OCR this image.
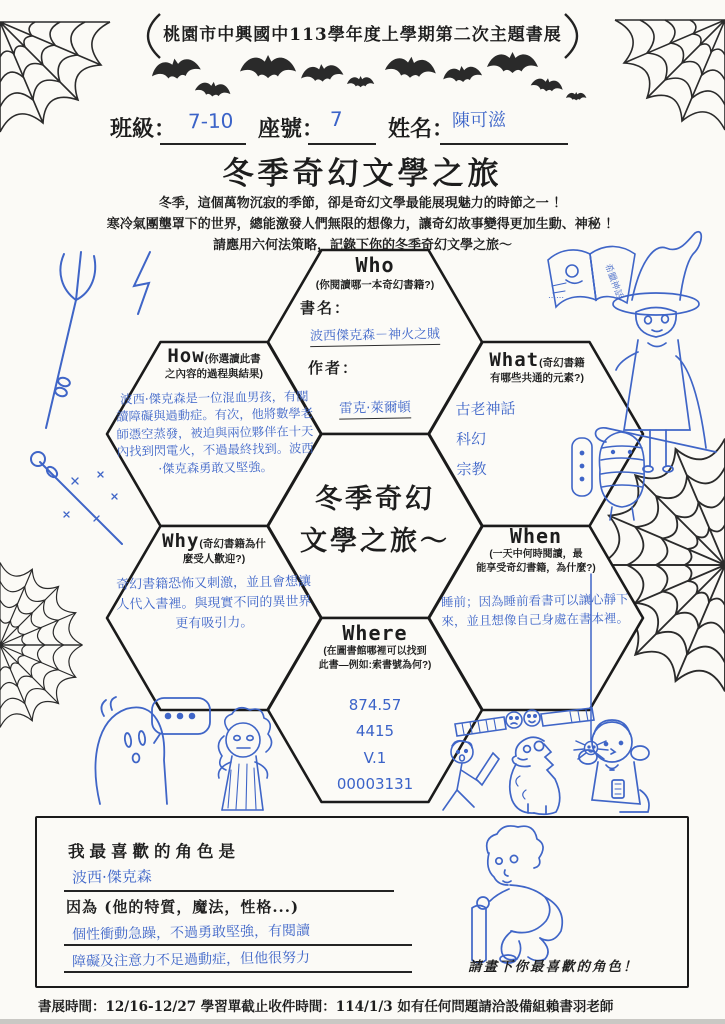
希臘神話
⋯⋯
桃園市中興國中113學年度上學期第二次主題書展
班級： 7-10 座號： 7 姓名：
陳可滋
冬季奇幻文學之旅
冬季，這個萬物沉寂的季節，卻是奇幻文學最能展現魅力的時節之一 ！
寒冷氣團壟罩下的世界，總能激發人們無限的想像力，讓奇幻故事變得更加生動、神秘 ！
請應用六何法策略，記錄下你的冬季奇幻文學之旅～
Who
(你閱讀哪一本奇幻書籍?)
書名：
波西傑克森－神火之賊
作者：
雷克·萊爾頓
How(你選讀此書
之內容的過程與結果)
波西·傑克森是一位混血男孩，有閱讀障礙與過動症。有次，他將數學老師憑空蒸發，被迫與兩位夥伴在十天內找到閃電火，不過最終找到。波西·傑克森勇敢又堅強。
What(奇幻書籍
有哪些共通的元素?)
古老神話
科幻
宗教
冬季奇幻
文學之旅～
Why(奇幻書籍為什
麼受人歡迎?)
奇幻書籍恐怖又刺激，並且會想讓人代入書裡。與現實不同的異世界更有吸引力。
When
(一天中何時閱讀，最
能享受奇幻書籍，為什麼?)
睡前；因為睡前看書可以讓心靜下來，並且想像自己身處在書本裡。
Where
(在圖書館哪裡可以找到
此書—例如:索書號為何?)
874.57
4415
V.1
00003131
我最喜歡的角色是
波西·傑克森
因為 (他的特質，魔法，性格...)
個性衝動急躁，不過勇敢堅強，有閱讀
障礙及注意力不足過動症，但他很努力	請畫下你最喜歡的角色！
書展時間：12/16-12/27 學習單截止收件時間：114/1/3 如有任何問題請洽設備組賴書羽老師
